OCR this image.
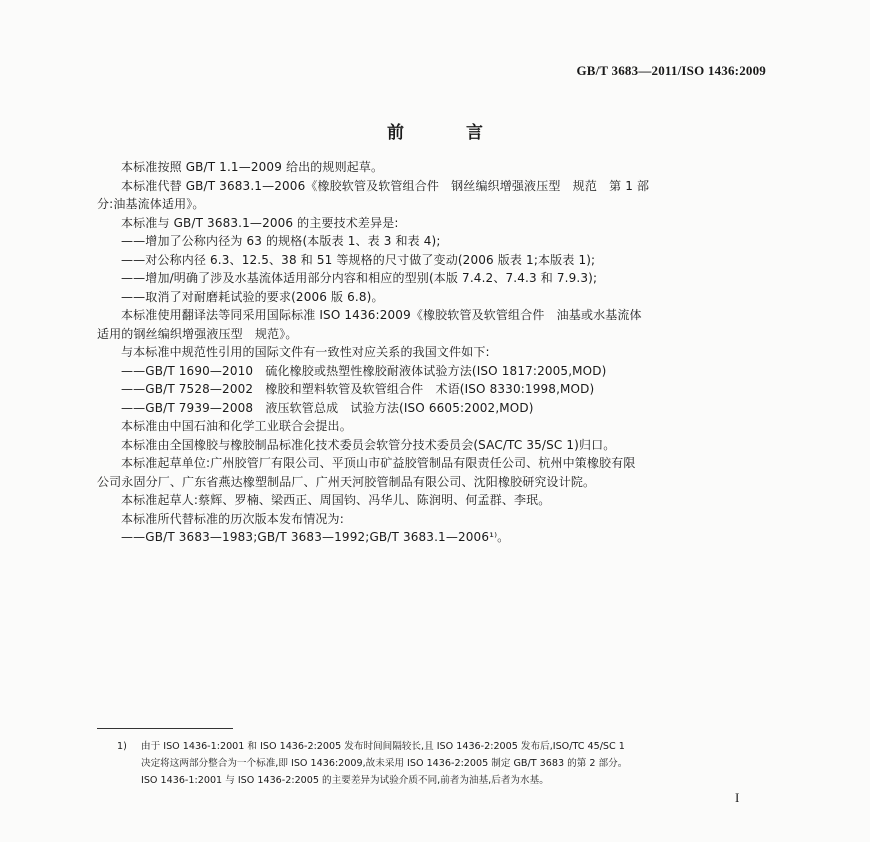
GB/T 3683—2011/ISO 1436:2009
前 言
本标准按照 GB/T 1.1—2009 给出的规则起草。
本标准代替 GB/T 3683.1—2006《橡胶软管及软管组合件　钢丝编织增强液压型　规范　第 1 部
分:油基流体适用》。
本标准与 GB/T 3683.1—2006 的主要技术差异是:
——增加了公称内径为 63 的规格(本版表 1、表 3 和表 4);
——对公称内径 6.3、12.5、38 和 51 等规格的尺寸做了变动(2006 版表 1;本版表 1);
——增加/明确了涉及水基流体适用部分内容和相应的型别(本版 7.4.2、7.4.3 和 7.9.3);
——取消了对耐磨耗试验的要求(2006 版 6.8)。
本标准使用翻译法等同采用国际标准 ISO 1436:2009《橡胶软管及软管组合件　油基或水基流体
适用的钢丝编织增强液压型　规范》。
与本标准中规范性引用的国际文件有一致性对应关系的我国文件如下:
——GB/T 1690—2010　硫化橡胶或热塑性橡胶耐液体试验方法(ISO 1817:2005,MOD)
——GB/T 7528—2002　橡胶和塑料软管及软管组合件　术语(ISO 8330:1998,MOD)
——GB/T 7939—2008　液压软管总成　试验方法(ISO 6605:2002,MOD)
本标准由中国石油和化学工业联合会提出。
本标准由全国橡胶与橡胶制品标准化技术委员会软管分技术委员会(SAC/TC 35/SC 1)归口。
本标准起草单位:广州胶管厂有限公司、平顶山市矿益胶管制品有限责任公司、杭州中策橡胶有限
公司永固分厂、广东省燕达橡塑制品厂、广州天河胶管制品有限公司、沈阳橡胶研究设计院。
本标准起草人:蔡辉、罗楠、梁西正、周国钧、冯华儿、陈润明、何孟群、李珉。
本标准所代替标准的历次版本发布情况为:
——GB/T 3683—1983;GB/T 3683—1992;GB/T 3683.1—2006¹⁾。
1) 由于 ISO 1436-1:2001 和 ISO 1436-2:2005 发布时间间隔较长,且 ISO 1436-2:2005 发布后,ISO/TC 45/SC 1
决定将这两部分整合为一个标准,即 ISO 1436:2009,故未采用 ISO 1436-2:2005 制定 GB/T 3683 的第 2 部分。
ISO 1436-1:2001 与 ISO 1436-2:2005 的主要差异为试验介质不同,前者为油基,后者为水基。
I
